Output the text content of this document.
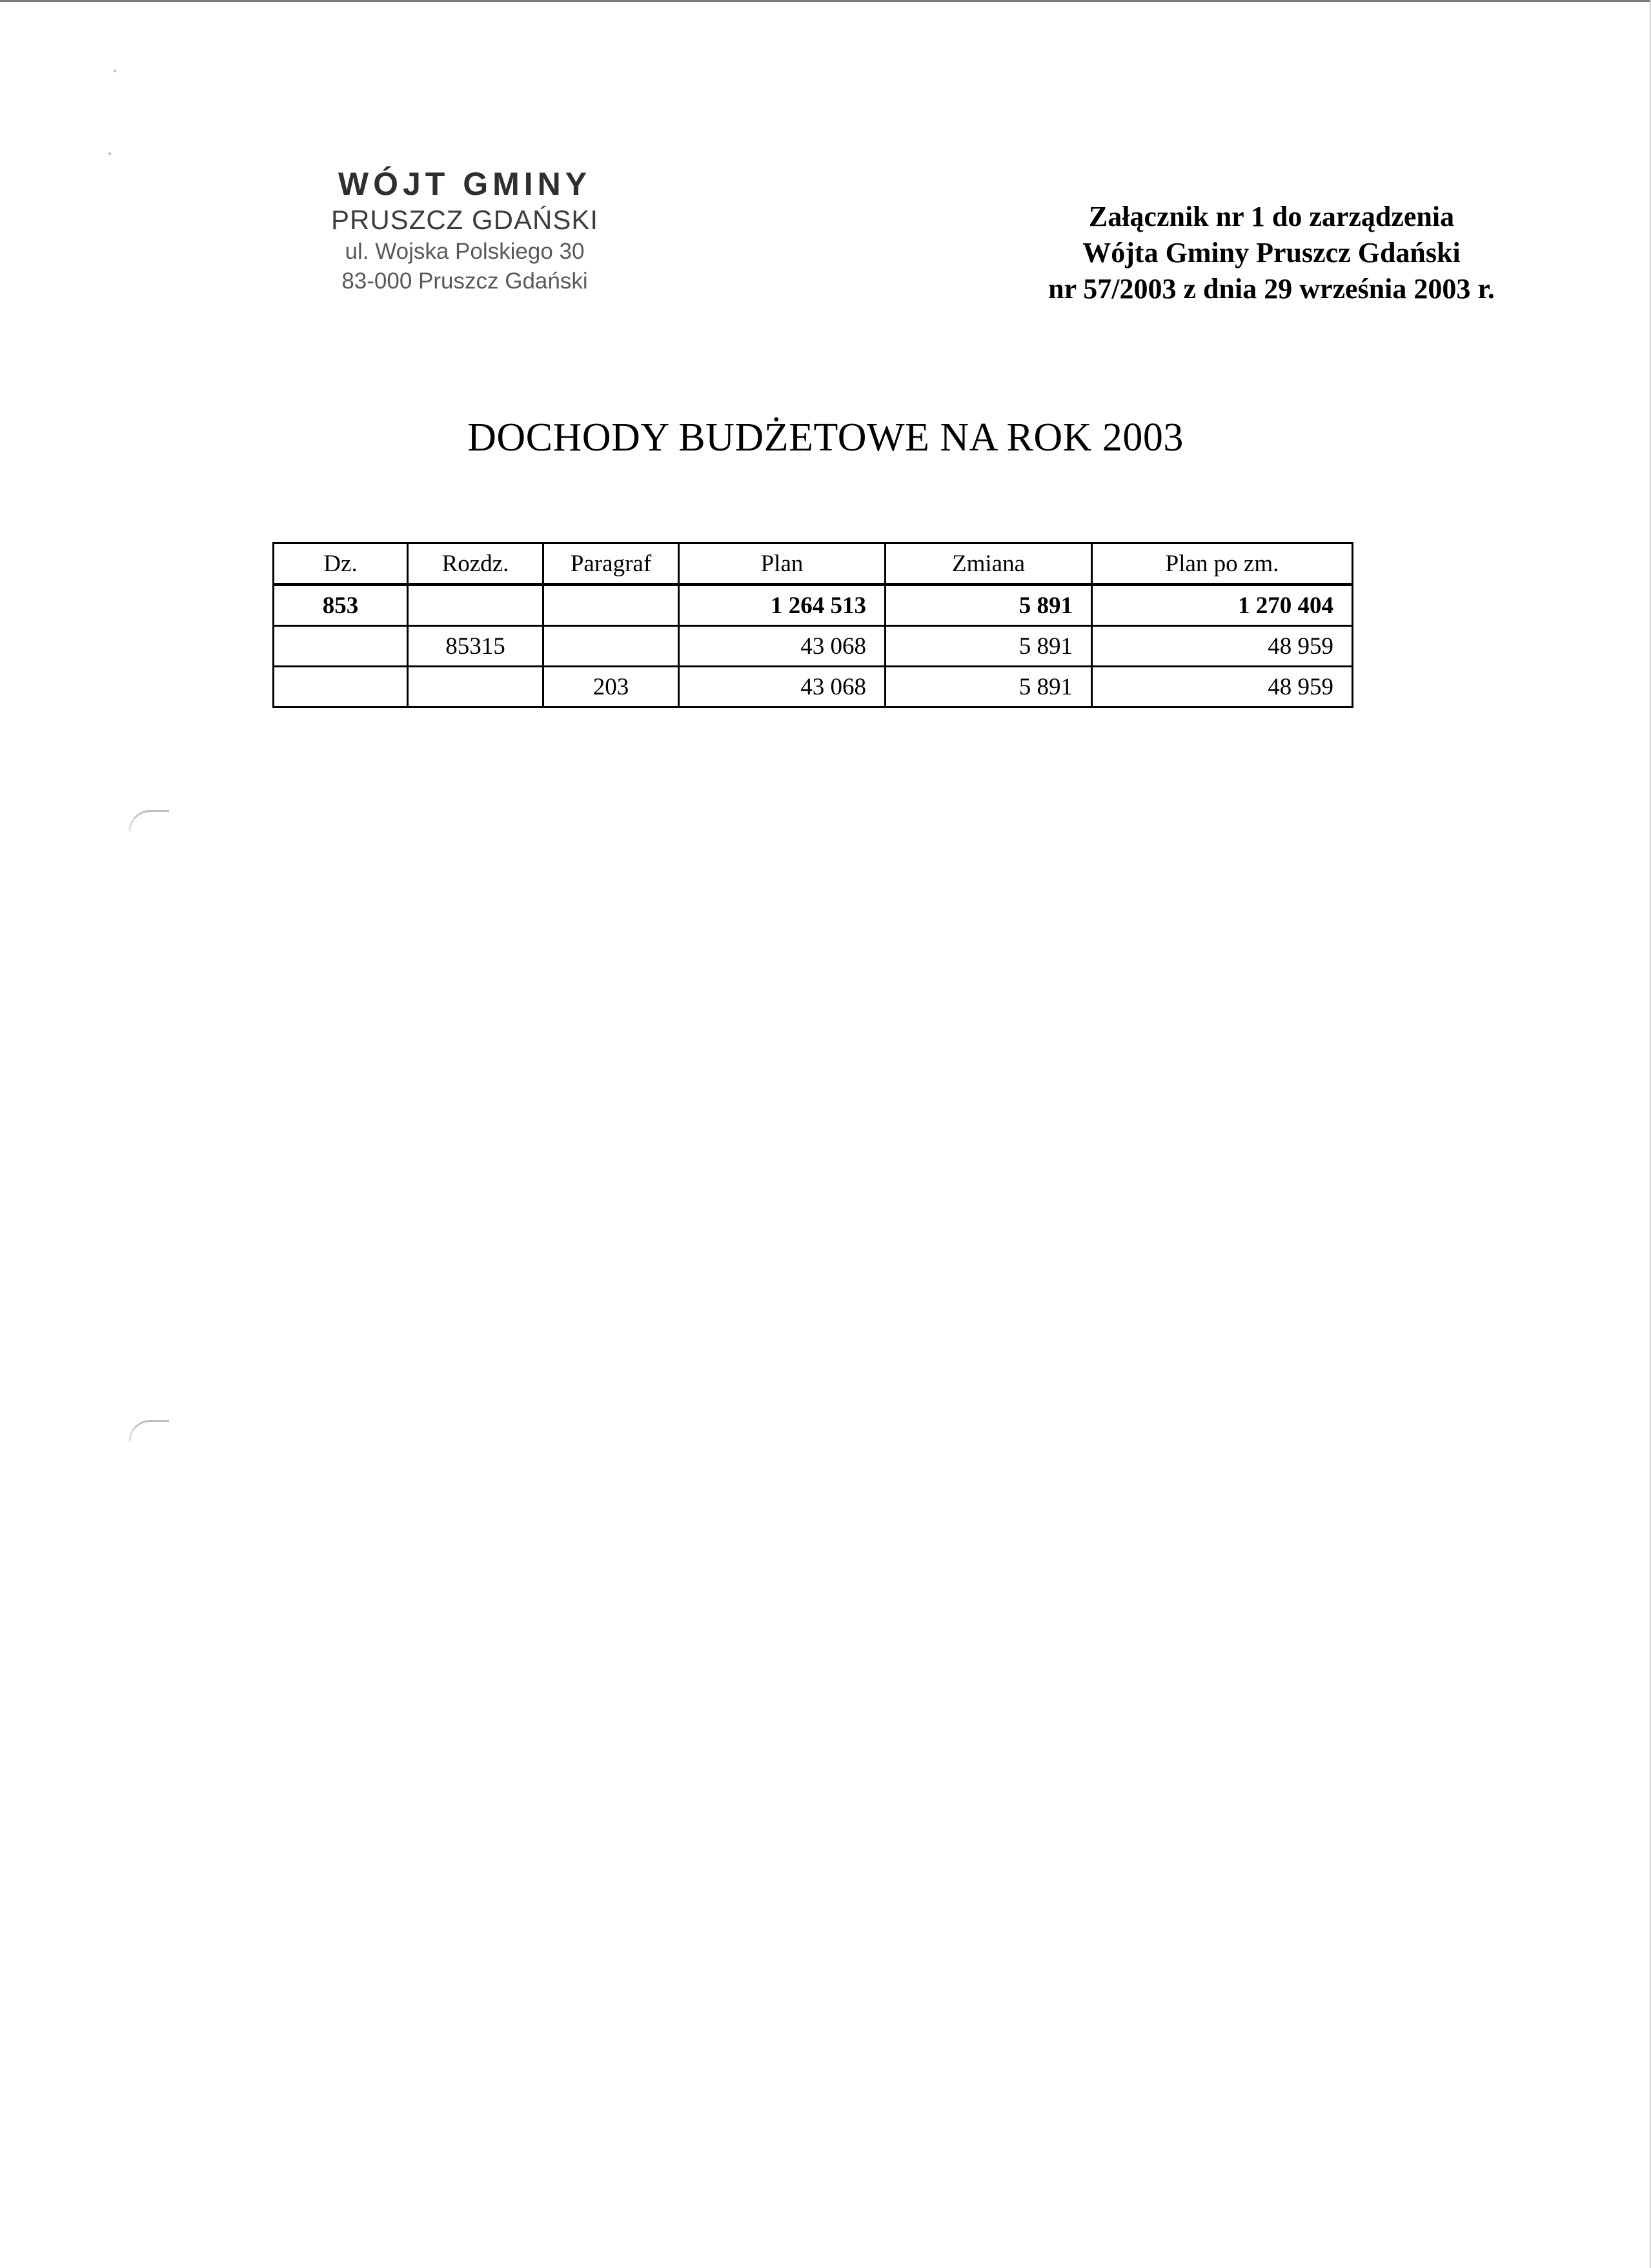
WÓJT GMINY
PRUSZCZ GDAŃSKI
ul. Wojska Polskiego 30
83-000 Pruszcz Gdański
Załącznik nr 1 do zarządzenia
Wójta Gminy Pruszcz Gdański
nr 57/2003 z dnia 29 września 2003 r.
DOCHODY BUDŻETOWE NA ROK 2003
Dz.	Rozdz.	Paragraf	Plan	Zmiana	Plan po zm.
853			1 264 513	5 891	1 270 404
	85315		43 068	5 891	48 959
		203	43 068	5 891	48 959
